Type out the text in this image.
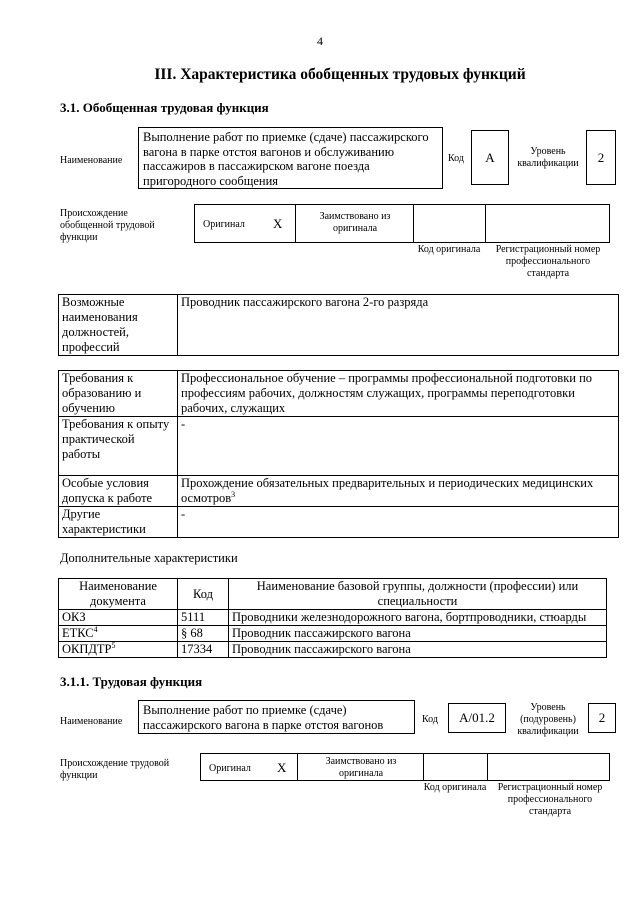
4
III. Характеристика обобщенных трудовых функций
3.1. Обобщенная трудовая функция
Наименование
Выполнение работ по приемке (сдаче) пассажирского вагона в парке отстоя вагонов и обслуживанию пассажиров в пассажирском вагоне поезда пригородного сообщения
Код	А	Уровень квалификации	2
Происхождение обобщенной трудовой функции
Оригинал X	Заимствовано из оригинала
Код оригинала	Регистрационный номер профессионального стандарта
Возможные наименования должностей, профессий	Проводник пассажирского вагона 2-го разряда
Требования к образованию и обучению	Профессиональное обучение – программы профессиональной подготовки по профессиям рабочих, должностям служащих, программы переподготовки рабочих, служащих
Требования к опыту практической работы	-
Особые условия допуска к работе	Прохождение обязательных предварительных и периодических медицинских осмотров$^3$
Другие характеристики	-
Дополнительные характеристики
Наименование документа	Код	Наименование базовой группы, должности (профессии) или специальности
ОКЗ	5111	Проводники железнодорожного вагона, бортпроводники, стюарды
ЕТКС$^4$	§ 68	Проводник пассажирского вагона
ОКПДТР$^5$	17334	Проводник пассажирского вагона
3.1.1. Трудовая функция
Наименование
Выполнение работ по приемке (сдаче) пассажирского вагона в парке отстоя вагонов	Код	A/01.2
Уровень (подуровень) квалификации
2
Происхождение трудовой функции
Оригинал X	Заимствовано из оригинала
Код оригинала	Регистрационный номер профессионального стандарта
